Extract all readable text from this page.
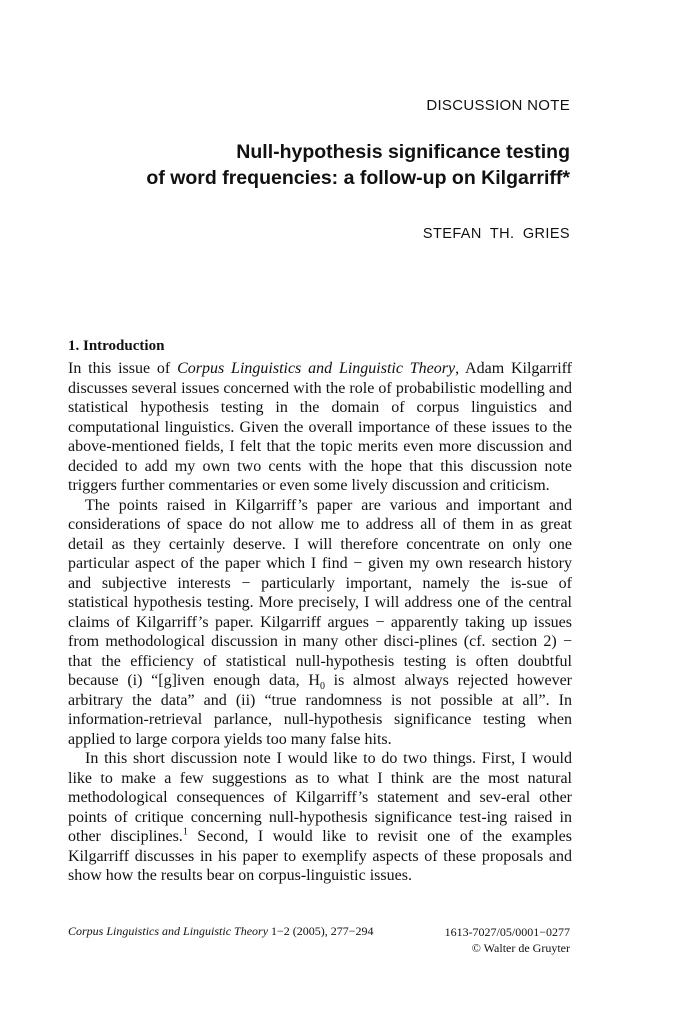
DISCUSSION NOTE
Null-hypothesis significance testing
of word frequencies: a follow-up on Kilgarriff*
STEFAN TH. GRIES
1. Introduction

In this issue of Corpus Linguistics and Linguistic Theory, Adam Kilgarriff discusses several issues concerned with the role of probabilistic modelling and statistical hypothesis testing in the domain of corpus linguistics and computational linguistics. Given the overall importance of these issues to the above-mentioned fields, I felt that the topic merits even more discussion and decided to add my own two cents with the hope that this discussion note triggers further commentaries or even some lively discussion and criticism.

The points raised in Kilgarriff’s paper are various and important and considerations of space do not allow me to address all of them in as great detail as they certainly deserve. I will therefore concentrate on only one particular aspect of the paper which I find − given my own research history and subjective interests − particularly important, namely the is-sue of statistical hypothesis testing. More precisely, I will address one of the central claims of Kilgarriff’s paper. Kilgarriff argues − apparently taking up issues from methodological discussion in many other disci-plines (cf. section 2) − that the efficiency of statistical null-hypothesis testing is often doubtful because (i) “[g]iven enough data, $H_0$ is almost always rejected however arbitrary the data” and (ii) “true randomness is not possible at all”. In information-retrieval parlance, null-hypothesis significance testing when applied to large corpora yields too many false hits.

In this short discussion note I would like to do two things. First, I would like to make a few suggestions as to what I think are the most natural methodological consequences of Kilgarriff’s statement and sev-eral other points of critique concerning null-hypothesis significance test-ing raised in other disciplines.$^1$ Second, I would like to revisit one of the examples Kilgarriff discusses in his paper to exemplify aspects of these proposals and show how the results bear on corpus-linguistic issues.

Corpus Linguistics and Linguistic Theory 1−2 (2005), 277−294	1613-7027/05/0001−0277
© Walter de Gruyter
